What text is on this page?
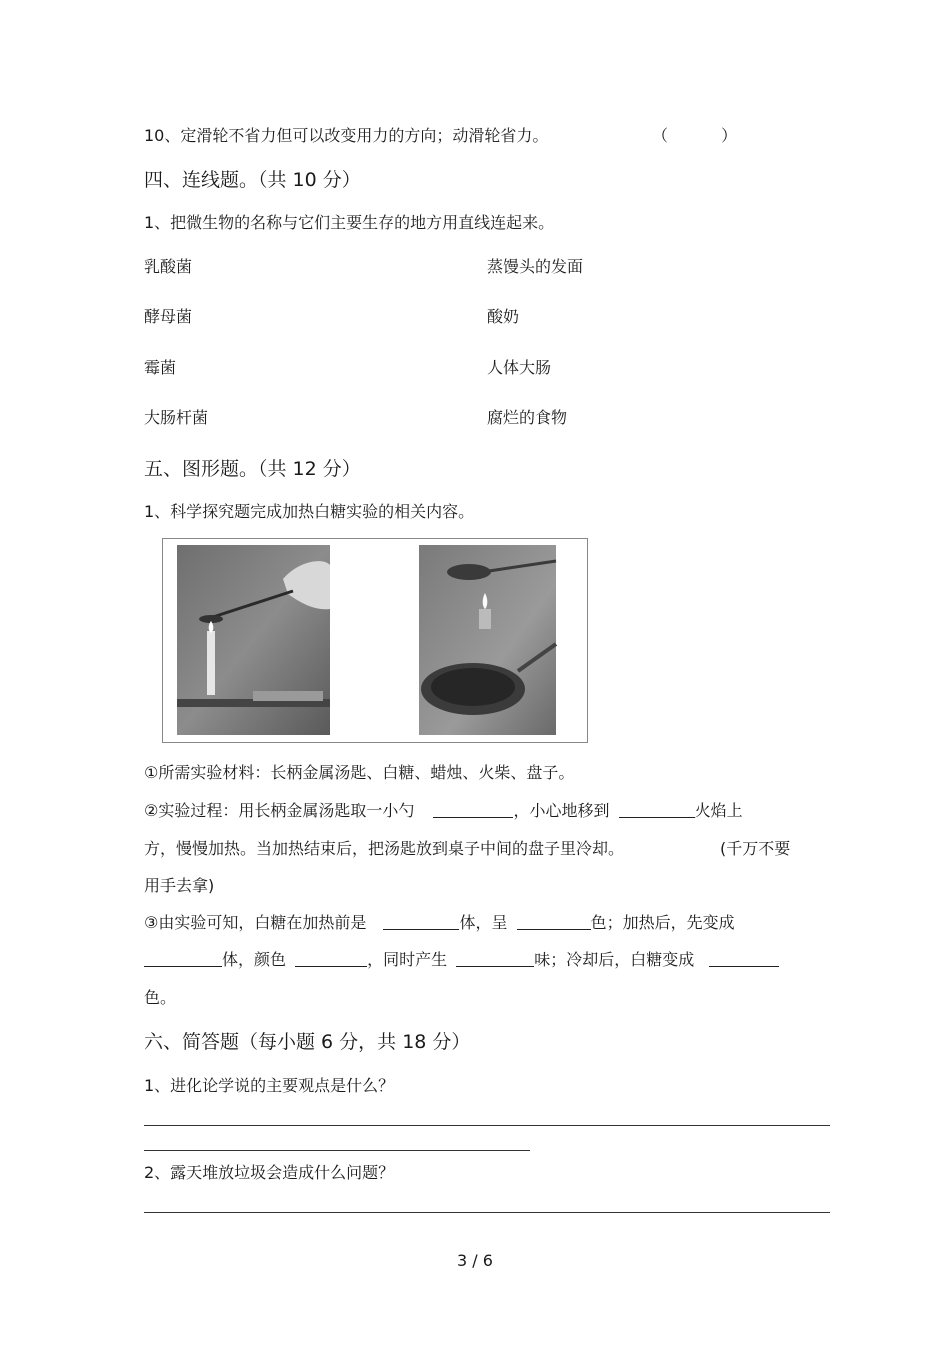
10、定滑轮不省力但可以改变用力的方向；动滑轮省力。	（ ）
四、连线题。（共 10 分）
1、把微生物的名称与它们主要生存的地方用直线连起来。
乳酸菌	蒸馒头的发面
酵母菌	酸奶
霉菌	人体大肠
大肠杆菌	腐烂的食物
五、图形题。（共 12 分）
1、科学探究题完成加热白糖实验的相关内容。
①所需实验材料：长柄金属汤匙、白糖、蜡烛、火柴、盘子。
②实验过程：用长柄金属汤匙取一小勺	，小心地移到	火焰上
方，慢慢加热。当加热结束后，把汤匙放到桌子中间的盘子里冷却。	(千万不要
用手去拿)
③由实验可知，白糖在加热前是	体，呈	色；加热后，先变成
体，颜色	，同时产生	味；冷却后，白糖变成
色。
六、简答题（每小题 6 分，共 18 分）
1、进化论学说的主要观点是什么？
2、露天堆放垃圾会造成什么问题？
3 / 6
